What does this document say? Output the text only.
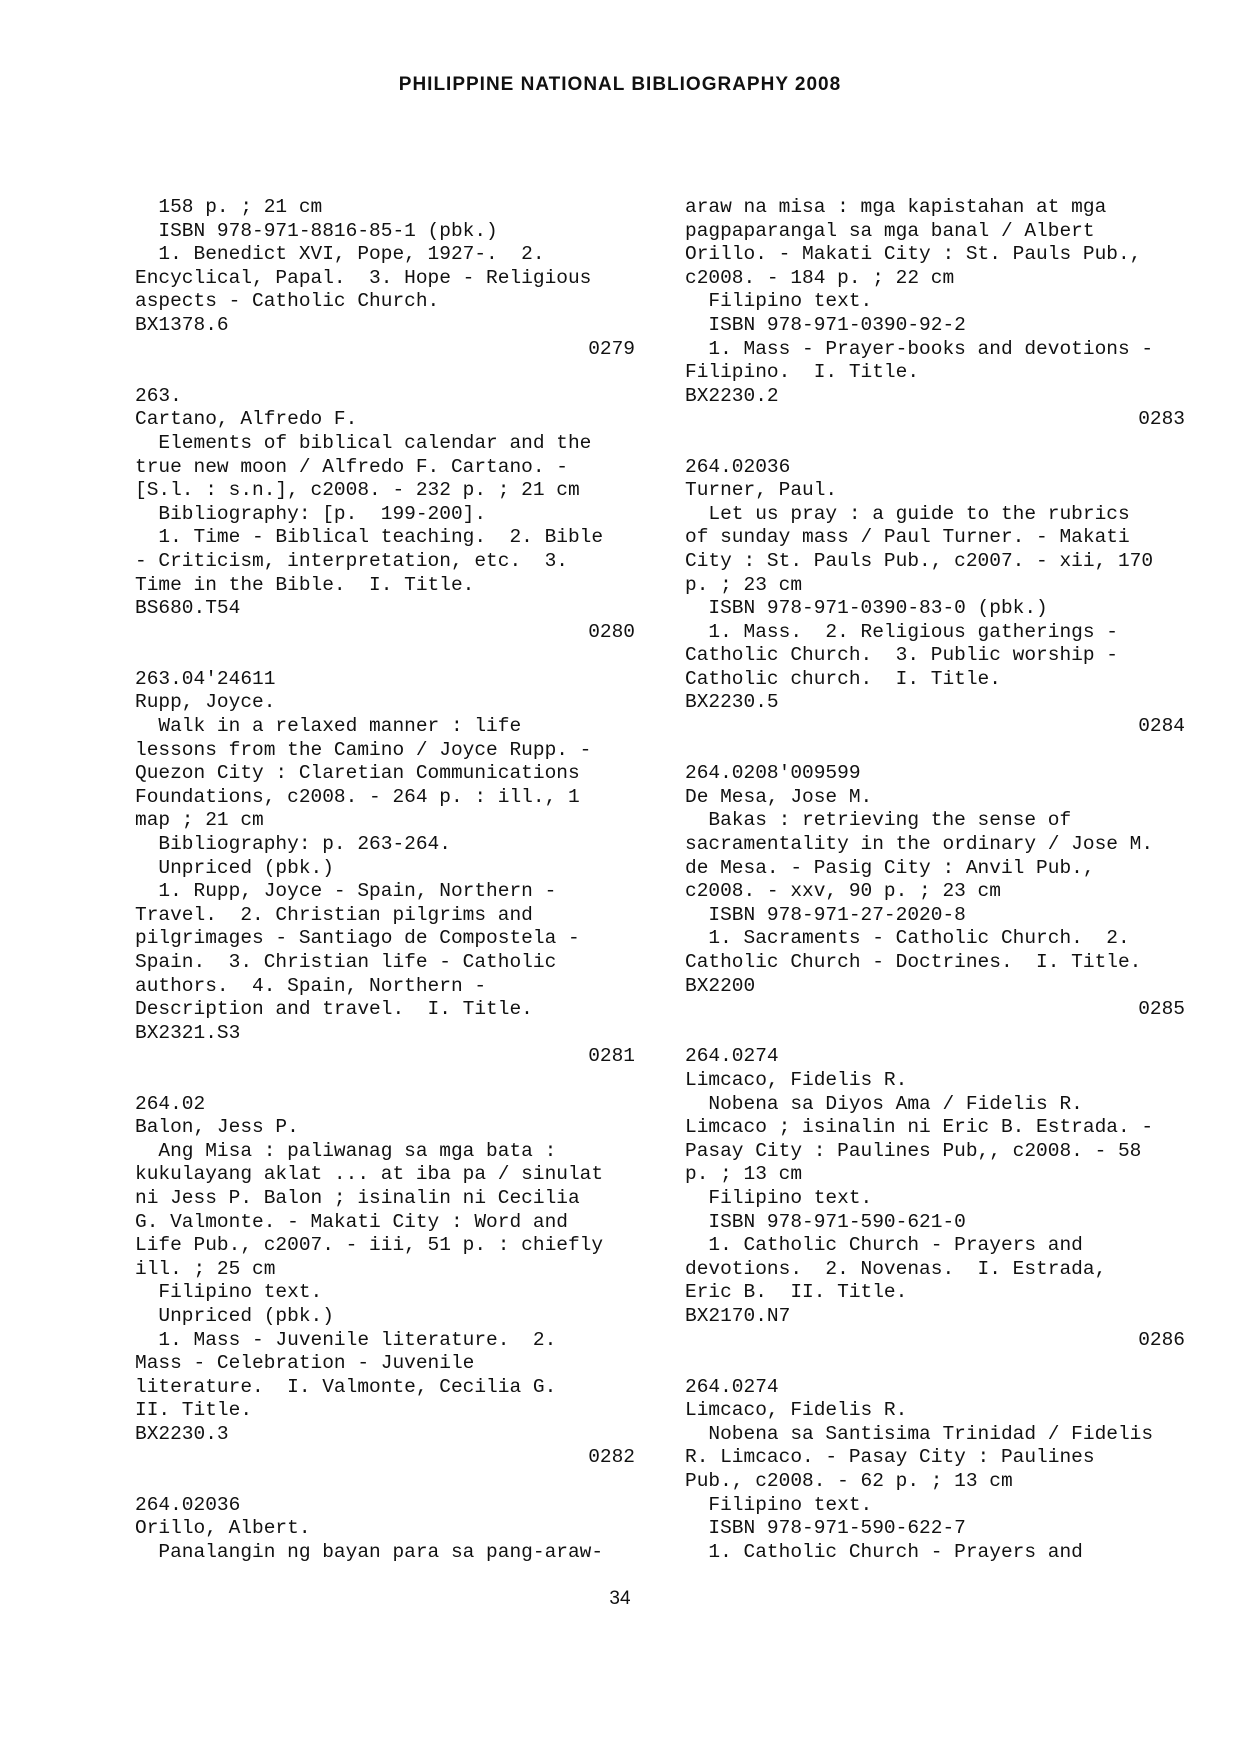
PHILIPPINE NATIONAL BIBLIOGRAPHY 2008
158 p. ; 21 cm
ISBN 978-971-8816-85-1 (pbk.)
1. Benedict XVI, Pope, 1927-.  2.
Encyclical, Papal.  3. Hope - Religious
aspects - Catholic Church.
BX1378.6
0279
263.
Cartano, Alfredo F.
Elements of biblical calendar and the
true new moon / Alfredo F. Cartano. -
[S.l. : s.n.], c2008. - 232 p. ; 21 cm
Bibliography: [p.  199-200].
1. Time - Biblical teaching.  2. Bible
- Criticism, interpretation, etc.  3.
Time in the Bible.  I. Title.
BS680.T54
0280
263.04'24611
Rupp, Joyce.
Walk in a relaxed manner : life
lessons from the Camino / Joyce Rupp. -
Quezon City : Claretian Communications
Foundations, c2008. - 264 p. : ill., 1
map ; 21 cm
Bibliography: p. 263-264.
Unpriced (pbk.)
1. Rupp, Joyce - Spain, Northern -
Travel.  2. Christian pilgrims and
pilgrimages - Santiago de Compostela -
Spain.  3. Christian life - Catholic
authors.  4. Spain, Northern -
Description and travel.  I. Title.
BX2321.S3
0281
264.02
Balon, Jess P.
Ang Misa : paliwanag sa mga bata :
kukulayang aklat ... at iba pa / sinulat
ni Jess P. Balon ; isinalin ni Cecilia
G. Valmonte. - Makati City : Word and
Life Pub., c2007. - iii, 51 p. : chiefly
ill. ; 25 cm
Filipino text.
Unpriced (pbk.)
1. Mass - Juvenile literature.  2.
Mass - Celebration - Juvenile
literature.  I. Valmonte, Cecilia G.
II. Title.
BX2230.3
0282
264.02036
Orillo, Albert.
Panalangin ng bayan para sa pang-araw-
araw na misa : mga kapistahan at mga
pagpaparangal sa mga banal / Albert
Orillo. - Makati City : St. Pauls Pub.,
c2008. - 184 p. ; 22 cm
Filipino text.
ISBN 978-971-0390-92-2
1. Mass - Prayer-books and devotions -
Filipino.  I. Title.
BX2230.2
0283
264.02036
Turner, Paul.
Let us pray : a guide to the rubrics
of sunday mass / Paul Turner. - Makati
City : St. Pauls Pub., c2007. - xii, 170
p. ; 23 cm
ISBN 978-971-0390-83-0 (pbk.)
1. Mass.  2. Religious gatherings -
Catholic Church.  3. Public worship -
Catholic church.  I. Title.
BX2230.5
0284
264.0208'009599
De Mesa, Jose M.
Bakas : retrieving the sense of
sacramentality in the ordinary / Jose M.
de Mesa. - Pasig City : Anvil Pub.,
c2008. - xxv, 90 p. ; 23 cm
ISBN 978-971-27-2020-8
1. Sacraments - Catholic Church.  2.
Catholic Church - Doctrines.  I. Title.
BX2200
0285
264.0274
Limcaco, Fidelis R.
Nobena sa Diyos Ama / Fidelis R.
Limcaco ; isinalin ni Eric B. Estrada. -
Pasay City : Paulines Pub,, c2008. - 58
p. ; 13 cm
Filipino text.
ISBN 978-971-590-621-0
1. Catholic Church - Prayers and
devotions.  2. Novenas.  I. Estrada,
Eric B.  II. Title.
BX2170.N7
0286
264.0274
Limcaco, Fidelis R.
Nobena sa Santisima Trinidad / Fidelis
R. Limcaco. - Pasay City : Paulines
Pub., c2008. - 62 p. ; 13 cm
Filipino text.
ISBN 978-971-590-622-7
1. Catholic Church - Prayers and
34
